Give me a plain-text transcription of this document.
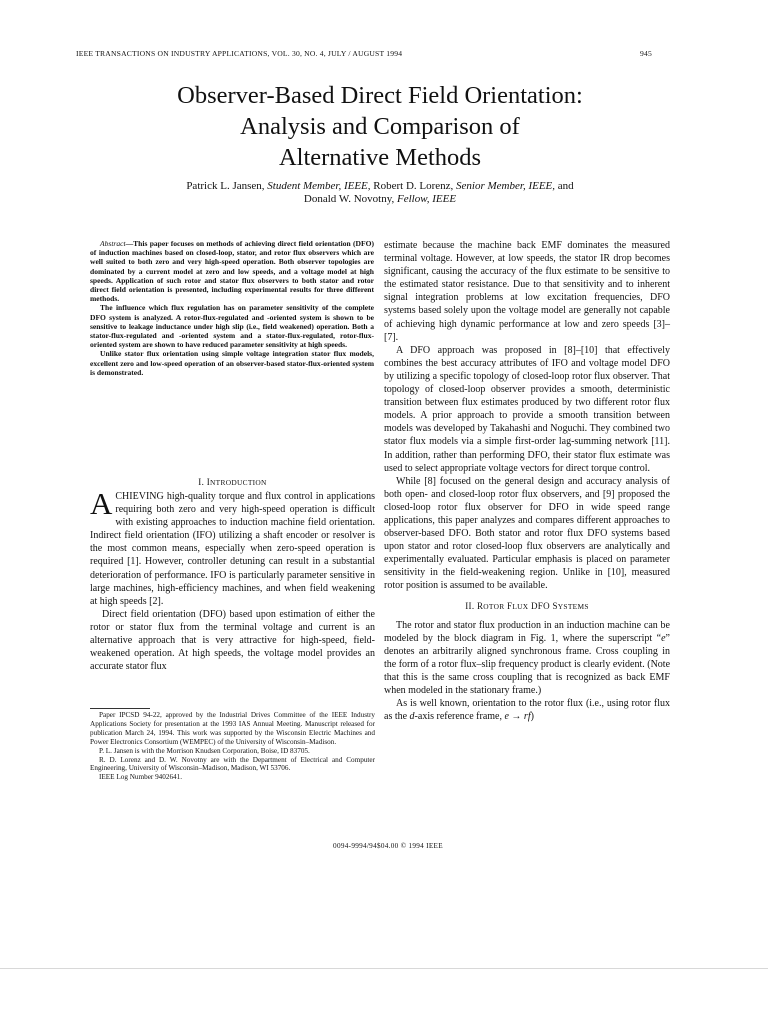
IEEE TRANSACTIONS ON INDUSTRY APPLICATIONS, VOL. 30, NO. 4, JULY / AUGUST 1994	945
Observer-Based Direct Field Orientation:
Analysis and Comparison of
Alternative Methods
Patrick L. Jansen, Student Member, IEEE, Robert D. Lorenz, Senior Member, IEEE, and
Donald W. Novotny, Fellow, IEEE

Abstract—This paper focuses on methods of achieving direct field orientation (DFO) of induction machines based on closed-loop, stator, and rotor flux observers which are well suited to both zero and very high-speed operation. Both observer topologies are dominated by a current model at zero and low speeds, and a voltage model at high speeds. Application of such rotor and stator flux observers to both stator and rotor direct field orientation is presented, including experimental results for three different methods.

The influence which flux regulation has on parameter sensitivity of the complete DFO system is analyzed. A rotor-flux-regulated and -oriented system is shown to be sensitive to leakage inductance under high slip (i.e., field weakened) operation. Both a stator-flux-regulated and -oriented system and a stator-flux-regulated, rotor-flux-oriented system are shown to have reduced parameter sensitivity at high speeds.

Unlike stator flux orientation using simple voltage integration stator flux models, excellent zero and low-speed operation of an observer-based stator-flux-oriented system is demonstrated.

I. INTRODUCTION

ACHIEVING high-quality torque and flux control in applications requiring both zero and very high-speed operation is difficult with existing approaches to induction machine field orientation. Indirect field orientation (IFO) utilizing a shaft encoder or resolver is the most common means, especially when zero-speed operation is required [1]. However, controller detuning can result in a substantial deterioration of performance. IFO is particularly parameter sensitive in large machines, high-efficiency machines, and when field weakening at high speeds [2].

Direct field orientation (DFO) based upon estimation of either the rotor or stator flux from the terminal voltage and current is an alternative approach that is very attractive for high-speed, field-weakened operation. At high speeds, the voltage model provides an accurate stator flux

Paper IPCSD 94-22, approved by the Industrial Drives Committee of the IEEE Industry Applications Society for presentation at the 1993 IAS Annual Meeting. Manuscript released for publication March 24, 1994. This work was supported by the Wisconsin Electric Machines and Power Electronics Consortium (WEMPEC) of the University of Wisconsin–Madison.

P. L. Jansen is with the Morrison Knudsen Corporation, Boise, ID 83705.

R. D. Lorenz and D. W. Novotny are with the Department of Electrical and Computer Engineering, University of Wisconsin–Madison, Madison, WI 53706.

IEEE Log Number 9402641.

estimate because the machine back EMF dominates the measured terminal voltage. However, at low speeds, the stator IR drop becomes significant, causing the accuracy of the flux estimate to be sensitive to the estimated stator resistance. Due to that sensitivity and to inherent signal integration problems at low excitation frequencies, DFO systems based solely upon the voltage model are generally not capable of achieving high dynamic performance at low and zero speeds [3]–[7].

A DFO approach was proposed in [8]–[10] that effectively combines the best accuracy attributes of IFO and voltage model DFO by utilizing a specific topology of closed-loop rotor flux observer. That topology of closed-loop observer provides a smooth, deterministic transition between flux estimates produced by two different rotor flux models. A prior approach to provide a smooth transition between models was developed by Takahashi and Noguchi. They combined two stator flux models via a simple first-order lag-summing network [11]. In addition, rather than performing DFO, their stator flux estimate was used to select appropriate voltage vectors for direct torque control.

While [8] focused on the general design and accuracy analysis of both open- and closed-loop rotor flux observers, and [9] proposed the closed-loop rotor flux observer for DFO in wide speed range applications, this paper analyzes and compares different approaches to observer-based DFO. Both stator and rotor flux DFO systems based upon stator and rotor closed-loop flux observers are analytically and experimentally evaluated. Particular emphasis is placed on parameter sensitivity in the field-weakening region. Unlike in [10], measured rotor position is assumed to be available.

II. ROTOR FLUX DFO SYSTEMS

The rotor and stator flux production in an induction machine can be modeled by the block diagram in Fig. 1, where the superscript “e” denotes an arbitrarily aligned synchronous frame. Cross coupling in the form of a rotor flux–slip frequency product is clearly evident. (Note that this is the same cross coupling that is recognized as back EMF when modeled in the stationary frame.)

As is well known, orientation to the rotor flux (i.e., using rotor flux as the d-axis reference frame, e → rf)

0094-9994/94$04.00 © 1994 IEEE
